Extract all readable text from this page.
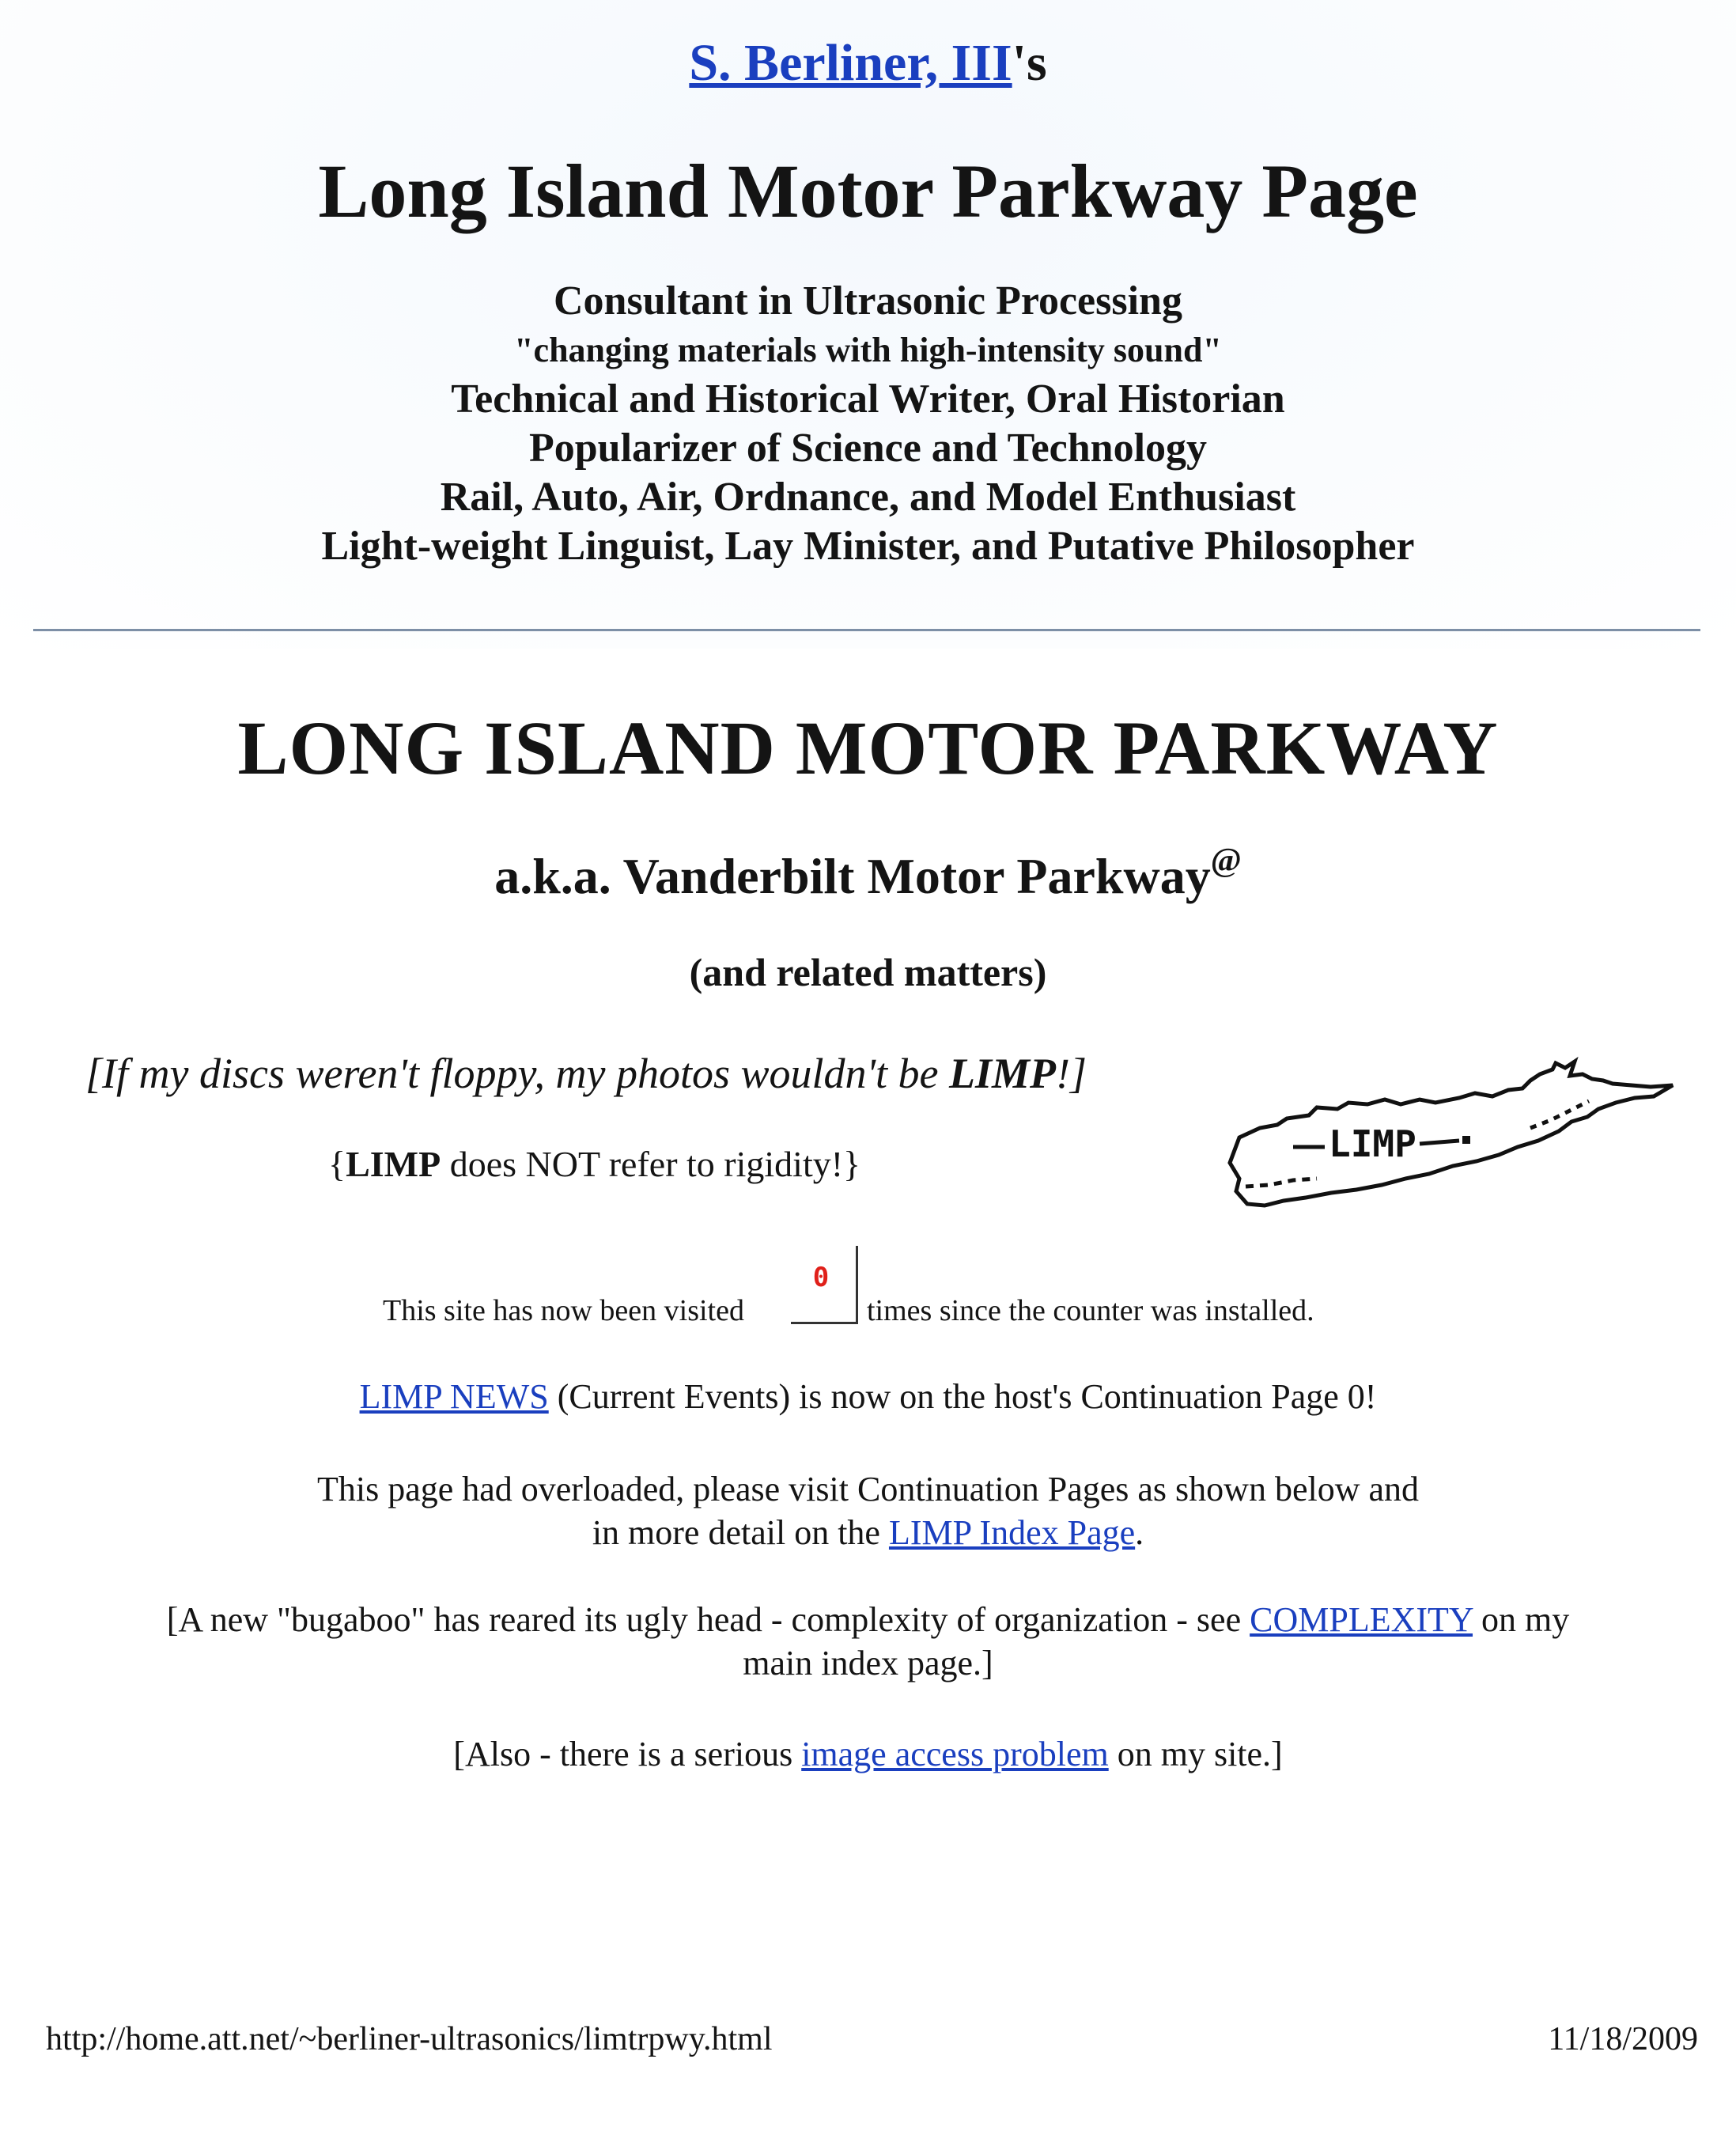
S. Berliner, III's
Long Island Motor Parkway Page
Consultant in Ultrasonic Processing
"changing materials with high-intensity sound"
Technical and Historical Writer, Oral Historian
Popularizer of Science and Technology
Rail, Auto, Air, Ordnance, and Model Enthusiast
Light-weight Linguist, Lay Minister, and Putative Philosopher
LONG ISLAND MOTOR PARKWAY
a.k.a. Vanderbilt Motor Parkway@
(and related matters)
[If my discs weren't floppy, my photos wouldn't be LIMP!]
{LIMP does NOT refer to rigidity!}	LIMP
This site has now been visited
0
times since the counter was installed.
LIMP NEWS (Current Events) is now on the host's Continuation Page 0!
This page had overloaded, please visit Continuation Pages as shown below and
in more detail on the LIMP Index Page.
[A new "bugaboo" has reared its ugly head - complexity of organization - see COMPLEXITY on my
main index page.]
[Also - there is a serious image access problem on my site.]
http://home.att.net/~berliner-ultrasonics/limtrpwy.html	11/18/2009
